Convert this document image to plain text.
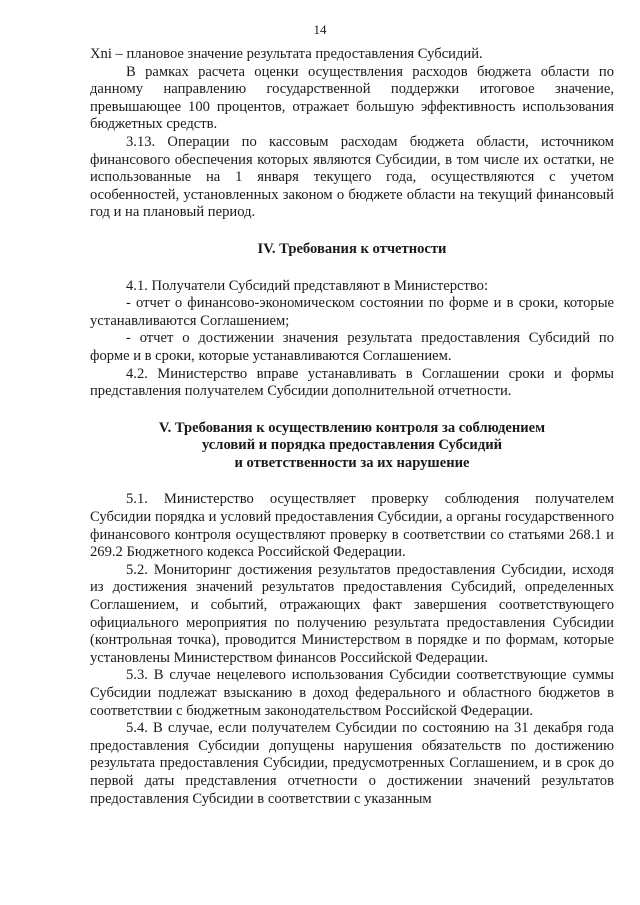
14

Xni – плановое значение результата предоставления Субсидий.

В рамках расчета оценки осуществления расходов бюджета области по данному направлению государственной поддержки итоговое значение, превышающее 100 процентов, отражает большую эффективность использования бюджетных средств.

3.13. Операции по кассовым расходам бюджета области, источником финансового обеспечения которых являются Субсидии, в том числе их остатки, не использованные на 1 января текущего года, осуществляются с учетом особенностей, установленных законом о бюджете области на текущий финансовый год и на плановый период.

IV. Требования к отчетности

4.1. Получатели Субсидий представляют в Министерство:

- отчет о финансово-экономическом состоянии по форме и в сроки, которые устанавливаются Соглашением;

- отчет о достижении значения результата предоставления Субсидий по форме и в сроки, которые устанавливаются Соглашением.

4.2. Министерство вправе устанавливать в Соглашении сроки и формы представления получателем Субсидии дополнительной отчетности.

V. Требования к осуществлению контроля за соблюдением
условий и порядка предоставления Субсидий
и ответственности за их нарушение

5.1. Министерство осуществляет проверку соблюдения получателем Субсидии порядка и условий предоставления Субсидии, а органы государственного финансового контроля осуществляют проверку в соответствии со статьями 268.1 и 269.2 Бюджетного кодекса Российской Федерации.

5.2. Мониторинг достижения результатов предоставления Субсидии, исходя из достижения значений результатов предоставления Субсидий, определенных Соглашением, и событий, отражающих факт завершения соответствующего официального мероприятия по получению результата предоставления Субсидии (контрольная точка), проводится Министерством в порядке и по формам, которые установлены Министерством финансов Российской Федерации.

5.3. В случае нецелевого использования Субсидии соответствующие суммы Субсидии подлежат взысканию в доход федерального и областного бюджетов в соответствии с бюджетным законодательством Российской Федерации.

5.4. В случае, если получателем Субсидии по состоянию на 31 декабря года предоставления Субсидии допущены нарушения обязательств по достижению результата предоставления Субсидии, предусмотренных Соглашением, и в срок до первой даты представления отчетности о достижении значений результатов предоставления Субсидии в соответствии с указанным
